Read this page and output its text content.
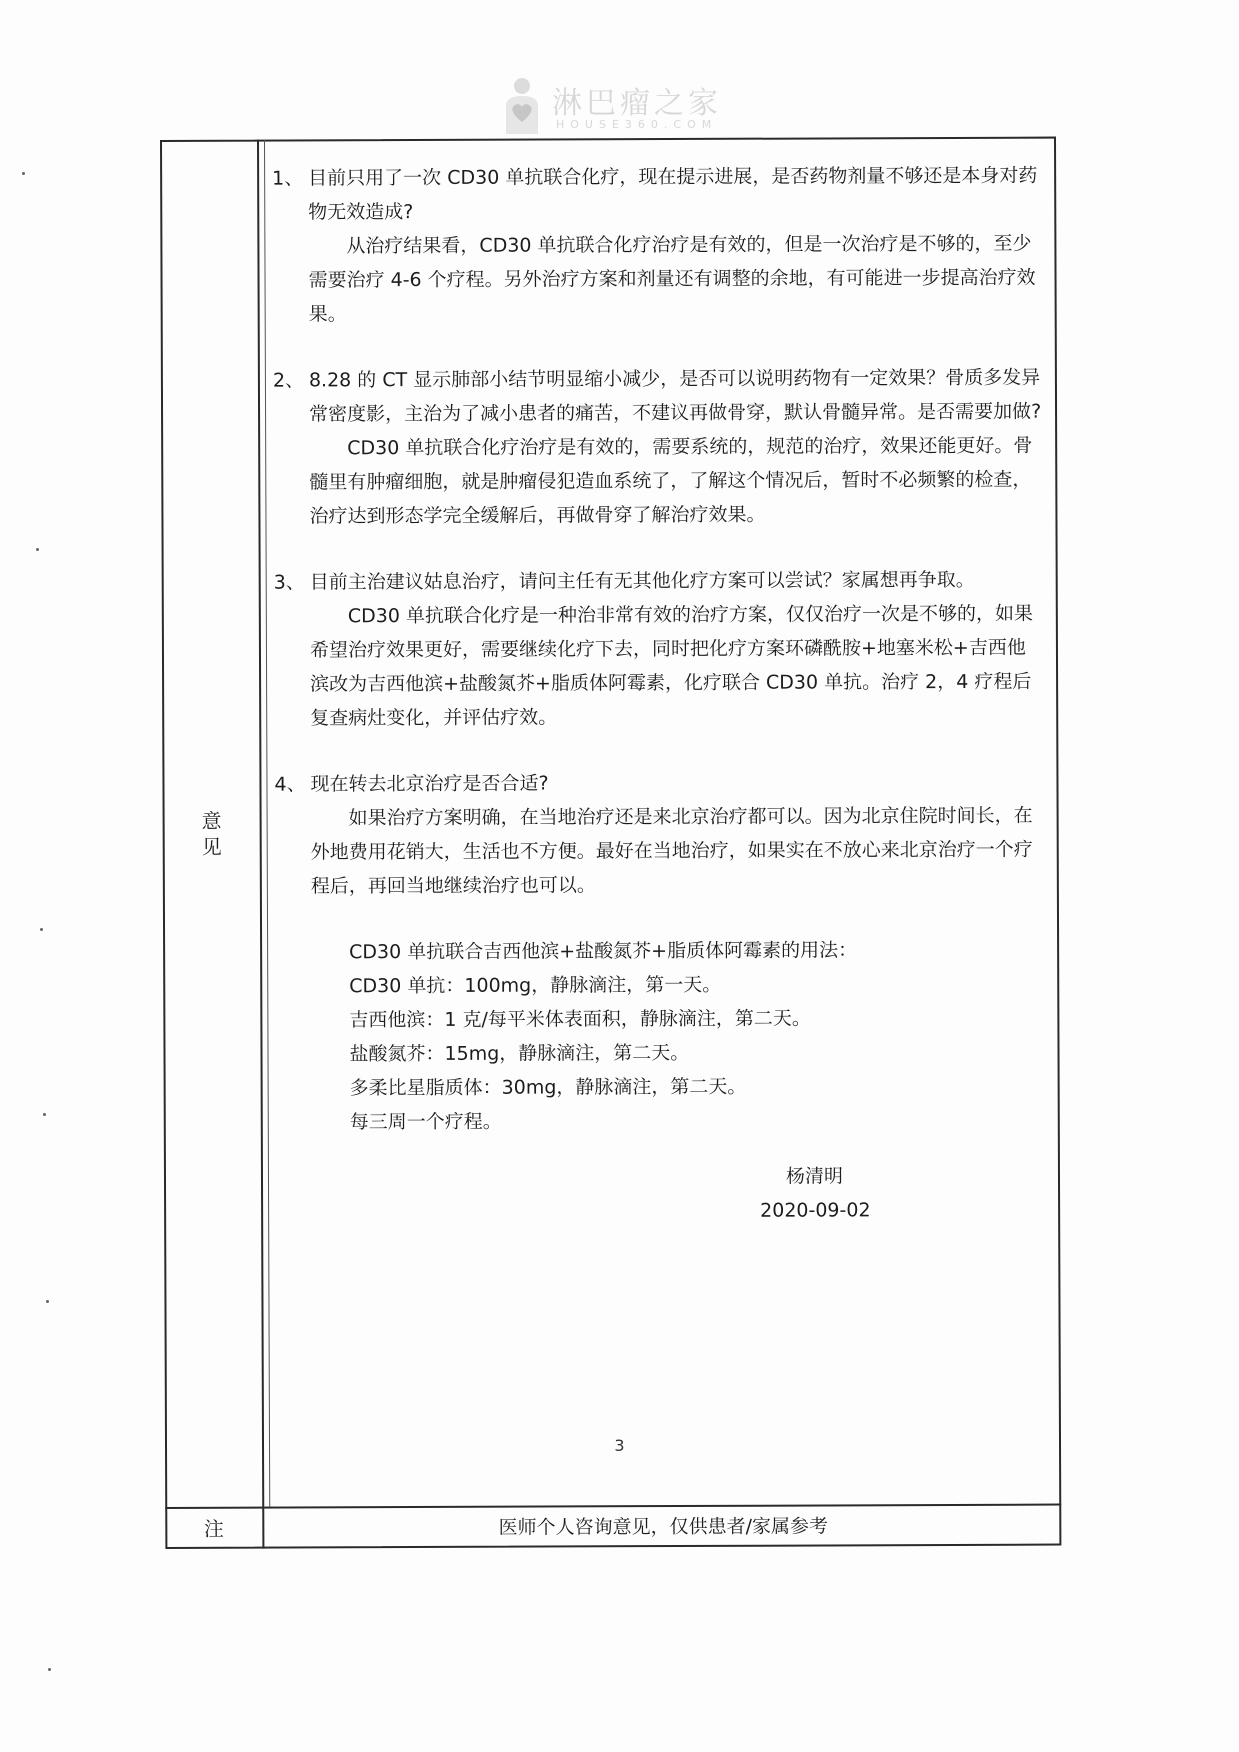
淋巴瘤之家
HOUSE360.COM
意见
注	医师个人咨询意见，仅供患者/家属参考

1、 目前只用了一次 CD30 单抗联合化疗，现在提示进展，是否药物剂量不够还是本身对药物无效造成?

从治疗结果看，CD30 单抗联合化疗治疗是有效的，但是一次治疗是不够的，至少需要治疗 4-6 个疗程。另外治疗方案和剂量还有调整的余地，有可能进一步提高治疗效果。

2、 8.28 的 CT 显示肺部小结节明显缩小减少，是否可以说明药物有一定效果？骨质多发异常密度影，主治为了减小患者的痛苦，不建议再做骨穿，默认骨髓异常。是否需要加做?

CD30 单抗联合化疗治疗是有效的，需要系统的，规范的治疗，效果还能更好。骨髓里有肿瘤细胞，就是肿瘤侵犯造血系统了，了解这个情况后，暂时不必频繁的检查，治疗达到形态学完全缓解后，再做骨穿了解治疗效果。

3、 目前主治建议姑息治疗，请问主任有无其他化疗方案可以尝试？家属想再争取。

CD30 单抗联合化疗是一种治非常有效的治疗方案，仅仅治疗一次是不够的，如果希望治疗效果更好，需要继续化疗下去，同时把化疗方案环磷酰胺+地塞米松+吉西他滨改为吉西他滨+盐酸氮芥+脂质体阿霉素，化疗联合 CD30 单抗。治疗 2，4 疗程后复查病灶变化，并评估疗效。

4、 现在转去北京治疗是否合适?

如果治疗方案明确，在当地治疗还是来北京治疗都可以。因为北京住院时间长，在外地费用花销大，生活也不方便。最好在当地治疗，如果实在不放心来北京治疗一个疗程后，再回当地继续治疗也可以。

CD30 单抗联合吉西他滨+盐酸氮芥+脂质体阿霉素的用法：
CD30 单抗：100mg，静脉滴注，第一天。
吉西他滨：1 克/每平米体表面积，静脉滴注，第二天。
盐酸氮芥：15mg，静脉滴注，第二天。
多柔比星脂质体：30mg，静脉滴注，第二天。
每三周一个疗程。
杨清明
2020-09-02
3
